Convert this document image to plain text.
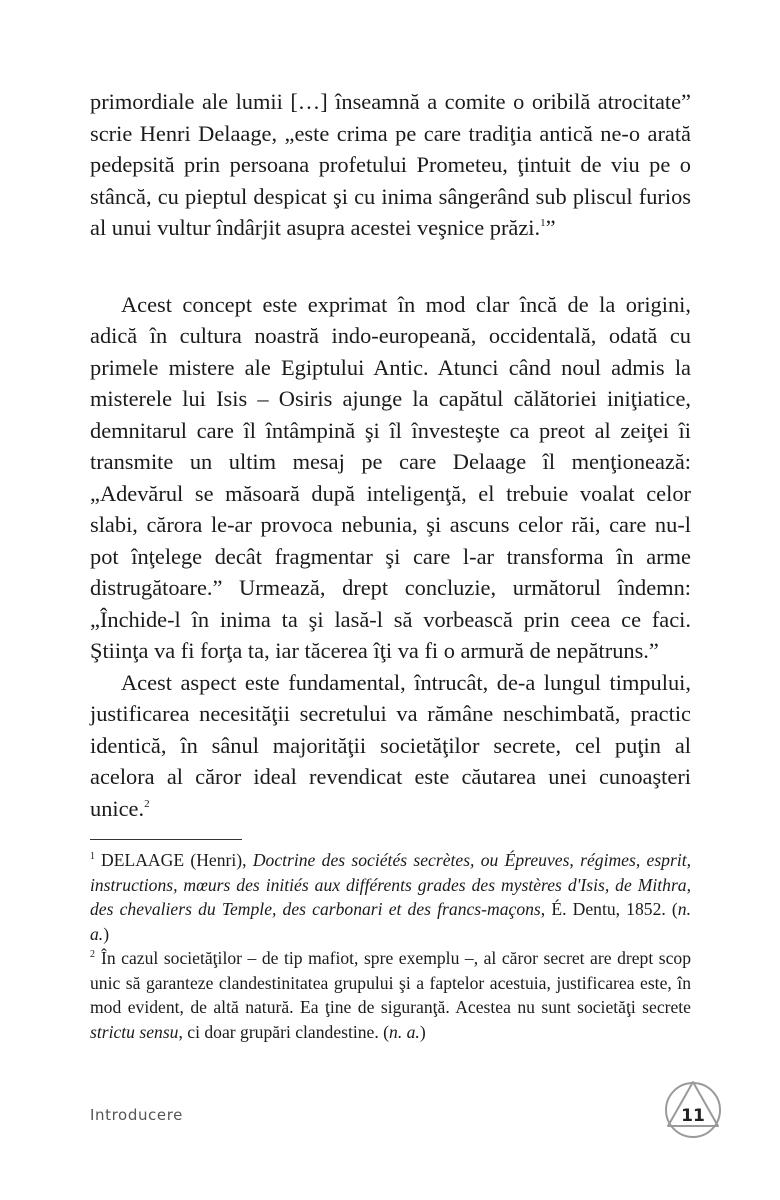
primordiale ale lumii […] înseamnă a comite o oribilă atrocitate” scrie Henri Delaage, „este crima pe care tradiţia antică ne-o arată pedepsită prin persoana profetului Prometeu, ţintuit de viu pe o stâncă, cu pieptul despicat şi cu inima sângerând sub pliscul furios al unui vultur îndârjit asupra acestei veşnice prăzi.$^1$”

Acest concept este exprimat în mod clar încă de la origini, adică în cultura noastră indo-europeană, occidentală, odată cu primele mistere ale Egiptului Antic. Atunci când noul admis la misterele lui Isis – Osiris ajunge la capătul călătoriei iniţiatice, demnitarul care îl întâmpină şi îl învesteşte ca preot al zeiţei îi transmite un ultim mesaj pe care Delaage îl menţionează: „Adevărul se măsoară după inteligenţă, el trebuie voalat celor slabi, cărora le-ar provoca nebunia, şi ascuns celor răi, care nu-l pot înţelege decât fragmentar şi care l-ar transforma în arme distrugătoare.” Urmează, drept concluzie, următorul îndemn: „Închide-l în inima ta şi lasă-l să vorbească prin ceea ce faci. Ştiinţa va fi forţa ta, iar tăcerea îţi va fi o armură de nepătruns.”

Acest aspect este fundamental, întrucât, de-a lungul timpului, justificarea necesităţii secretului va rămâne neschimbată, practic identică, în sânul majorităţii societăţilor secrete, cel puţin al acelora al căror ideal revendicat este căutarea unei cunoaşteri unice.$^2$

$^1$ DELAAGE (Henri), Doctrine des sociétés secrètes, ou Épreuves, régimes, esprit, instructions, mœurs des initiés aux différents grades des mystères d'Isis, de Mithra, des chevaliers du Temple, des carbonari et des francs-maçons, É. Dentu, 1852. (n. a.)

$^2$ În cazul societăţilor – de tip mafiot, spre exemplu –, al căror secret are drept scop unic să garanteze clandestinitatea grupului şi a faptelor acestuia, justificarea este, în mod evident, de altă natură. Ea ţine de siguranţă. Acestea nu sunt societăţi secrete strictu sensu, ci doar grupări clandestine. (n. a.)

Introducere	11
